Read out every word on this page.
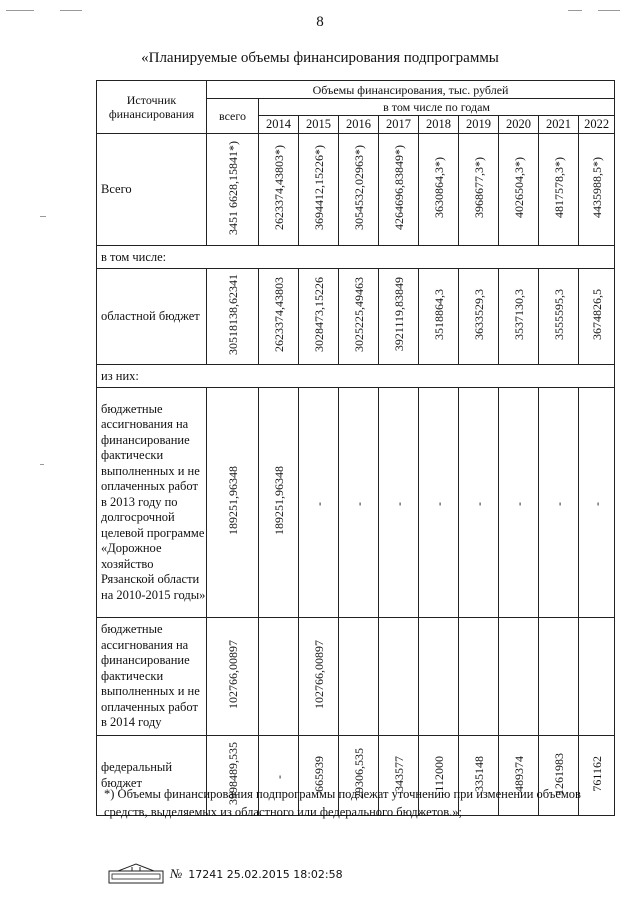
8
«Планируемые объемы финансирования подпрограммы
Источник финансирования	Объемы финансирования, тыс. рублей									
	всего	в том числе по годам								
		2014	2015	2016	2017	2018	2019	2020	2021	2022
Всего	3451 6628,15841*)	2623374,43803*)	3694412,15226*)	3054532,02963*)	4264696,83849*)	3630864,3*)	3968677,3*)	4026504,3*)	4817578,3*)	4435988,5*)
в том числе:										
областной бюджет	30518138,62341	2623374,43803	3028473,15226	3025225,49463	3921119,83849	3518864,3	3633529,3	3537130,3	3555595,3	3674826,5
из них:										
бюджетные ассигнования на финансирование фактически выполненных и не оплаченных работ в 2013 году по долгосрочной целевой программе «Дорожное хозяйство Рязанской области на 2010-2015 годы»	189251,96348	189251,96348	-	-	-	-	-	-	-	-
бюджетные ассигнования на финансирование фактически выполненных и не оплаченных работ в 2014 году	102766,00897		102766,00897							
федеральный бюджет	3998489,535	-	665939	29306,535	343577	112000	335148	489374	1261983	761162
*) Объемы финансирования подпрограммы подлежат уточнению при изменении объемов средств, выделяемых из областного или федерального бюджетов.»;
№ 17241 25.02.2015 18:02:58
